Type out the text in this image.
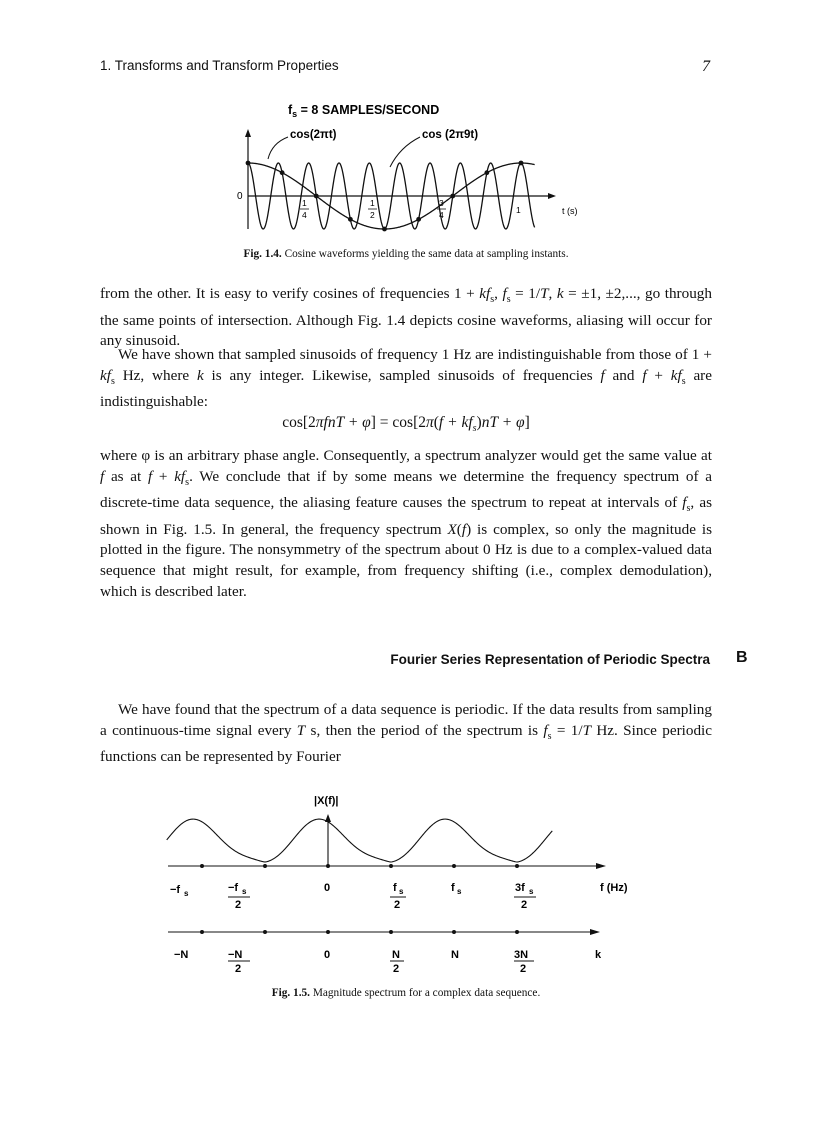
1. Transforms and Transform Properties	7
$f_s = 8$ SAMPLES/SECOND
cos(2πt)	cos (2π9t)
0
t (s)
1
4
1
2
3
4	1
Fig. 1.4. Cosine waveforms yielding the same data at sampling instants.
from the other. It is easy to verify cosines of frequencies $1 + kf_s$, $f_s = 1/T$, k = ±1, ±2,..., go through the same points of intersection. Although Fig. 1.4 depicts cosine waveforms, aliasing will occur for any sinusoid.
We have shown that sampled sinusoids of frequency 1 Hz are indistinguishable from those of $1 + kf_s$ Hz, where k is any integer. Likewise, sampled sinusoids of frequencies f and $f + kf_s$ are indistinguishable:
$\cos[2\pi fnT + \varphi] = \cos[2\pi(f + kf_s)nT + \varphi]$
where φ is an arbitrary phase angle. Consequently, a spectrum analyzer would get the same value at f as at $f + kf_s$. We conclude that if by some means we determine the frequency spectrum of a discrete-time data sequence, the aliasing feature causes the spectrum to repeat at intervals of $f_s$, as shown in Fig. 1.5. In general, the frequency spectrum X(f) is complex, so only the magnitude is plotted in the figure. The nonsymmetry of the spectrum about 0 Hz is due to a complex-valued data sequence that might result, for example, from frequency shifting (i.e., complex demodulation), which is described later.
Fourier Series Representation of Periodic Spectra B
We have found that the spectrum of a data sequence is periodic. If the data results from sampling a continuous-time signal every T s, then the period of the spectrum is $f_s = 1/T$ Hz. Since periodic functions can be represented by Fourier
|X(f)|
−f s	−f s
2
0	f s
2
f s	3f s
2
f (Hz)
−N	−N
2
0	N
2
N	3N
2
k
Fig. 1.5. Magnitude spectrum for a complex data sequence.
